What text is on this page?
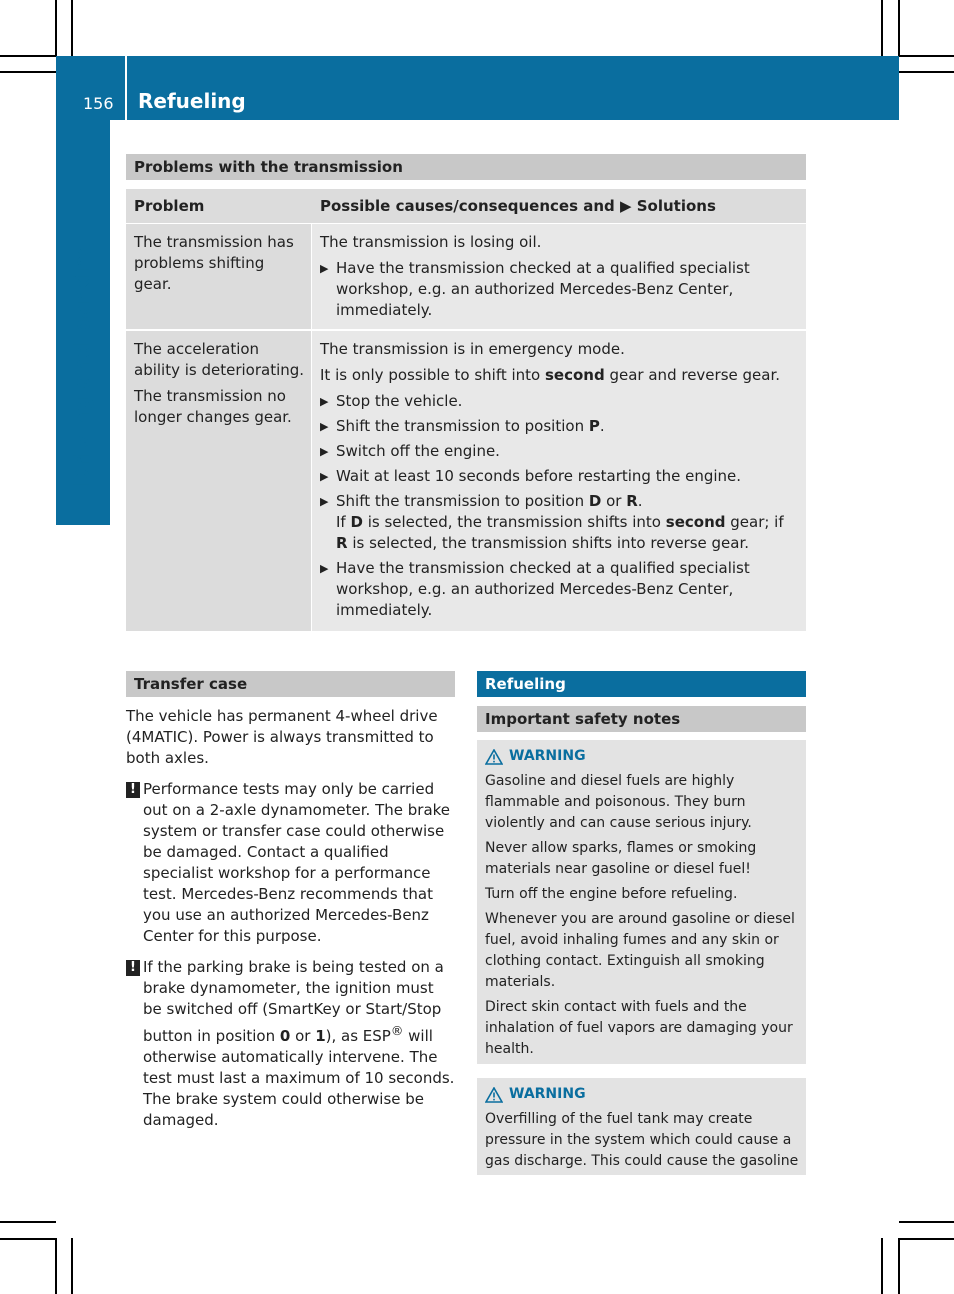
156 Refueling
Driving and parking
Problems with the transmission
Problem	Possible causes/consequences and ▶ Solutions

The transmission has problems shifting gear.

The transmission is losing oil.

▶ Have the transmission checked at a qualified specialist workshop, e.g. an authorized Mercedes-Benz Center, immediately.

The acceleration ability is deteriorating.

The transmission no longer changes gear.

The transmission is in emergency mode.

It is only possible to shift into second gear and reverse gear.

▶ Stop the vehicle.
▶ Shift the transmission to position P.
▶ Switch off the engine.
▶ Wait at least 10 seconds before restarting the engine.
▶ Shift the transmission to position D or R.
If D is selected, the transmission shifts into second gear; if R is selected, the transmission shifts into reverse gear.
▶ Have the transmission checked at a qualified specialist workshop, e.g. an authorized Mercedes-Benz Center, immediately.
Transfer case

The vehicle has permanent 4-wheel drive (4MATIC). Power is always transmitted to both axles.

! Performance tests may only be carried out on a 2-axle dynamometer. The brake system or transfer case could otherwise be damaged. Contact a qualified specialist workshop for a performance test. Mercedes-Benz recommends that you use an authorized Mercedes-Benz Center for this purpose.
! If the parking brake is being tested on a brake dynamometer, the ignition must be switched off (SmartKey or Start/Stop button in position 0 or 1), as ESP® will otherwise automatically intervene. The test must last a maximum of 10 seconds. The brake system could otherwise be damaged.
Refueling
Important safety notes
WARNING

Gasoline and diesel fuels are highly flammable and poisonous. They burn violently and can cause serious injury.

Never allow sparks, flames or smoking materials near gasoline or diesel fuel!

Turn off the engine before refueling.

Whenever you are around gasoline or diesel fuel, avoid inhaling fumes and any skin or clothing contact. Extinguish all smoking materials.

Direct skin contact with fuels and the inhalation of fuel vapors are damaging your health.

WARNING

Overfilling of the fuel tank may create pressure in the system which could cause a gas discharge. This could cause the gasoline
